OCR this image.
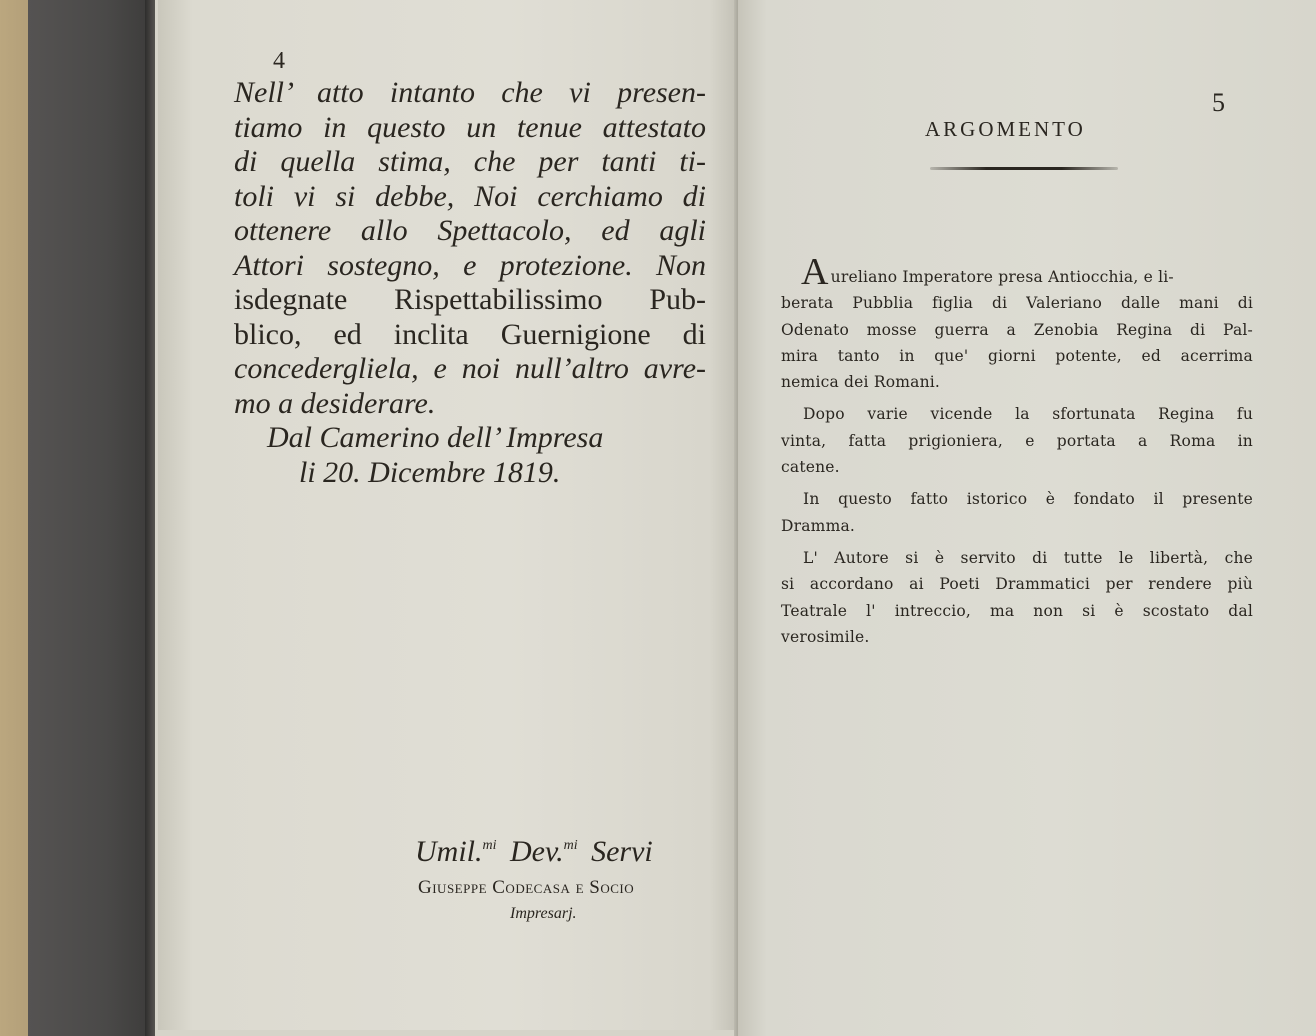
4
Nell’ atto intanto che vi presen-
tiamo in questo un tenue attestato
di quella stima, che per tanti ti-
toli vi si debbe, Noi cerchiamo di
ottenere allo Spettacolo, ed agli
Attori sostegno, e protezione. Non
isdegnate Rispettabilissimo Pub-
blico, ed inclita Guernigione di
concedergliela, e noi null’altro avre-
mo a desiderare.
Dal Camerino dell’ Impresa
li 20. Dicembre 1819.
Umil.$^{mi}$ Dev.$^{mi}$ Servi
Giuseppe Codecasa e Socio
Impresarj.
5
ARGOMENTO
Aureliano Imperatore presa Antiocchia, e li-
berata Pubblia figlia di Valeriano dalle mani di
Odenato mosse guerra a Zenobia Regina di Pal-
mira tanto in que' giorni potente, ed acerrima
nemica dei Romani.
Dopo varie vicende la sfortunata Regina fu
vinta, fatta prigioniera, e portata a Roma in
catene.
In questo fatto istorico è fondato il presente
Dramma.
L' Autore si è servito di tutte le libertà, che
si accordano ai Poeti Drammatici per rendere più
Teatrale l' intreccio, ma non si è scostato dal
verosimile.
